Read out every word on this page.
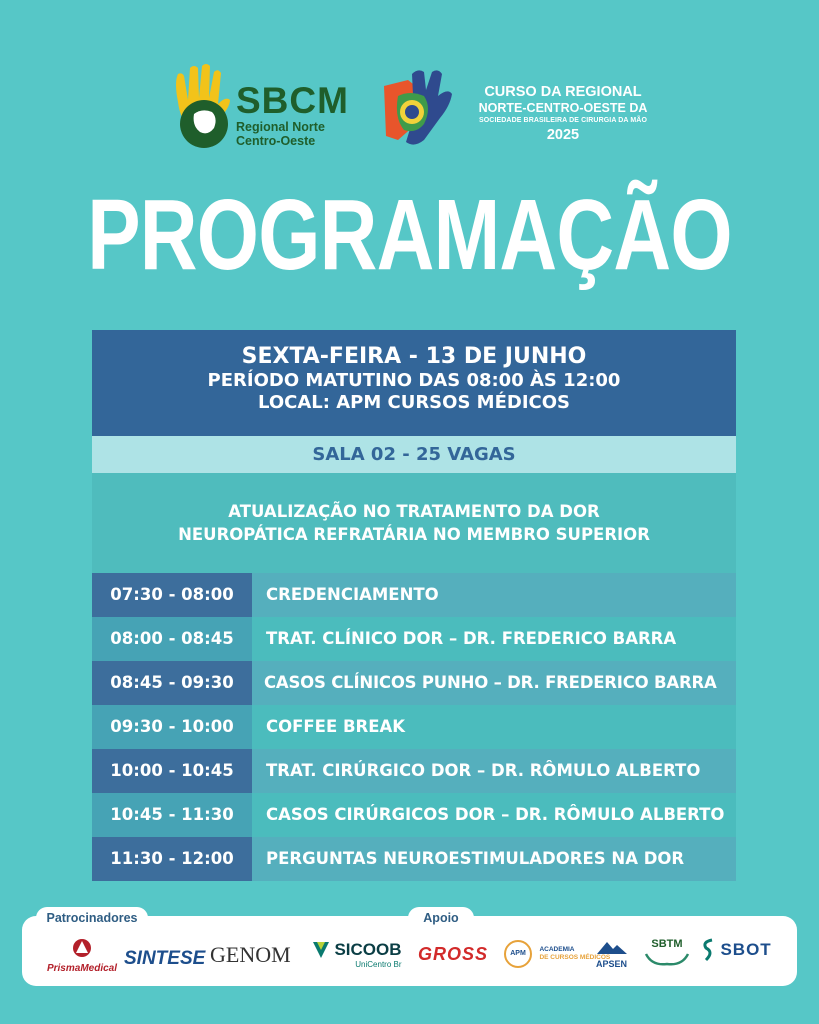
SBCM
Regional Norte
Centro-Oeste
CURSO DA REGIONAL
NORTE-CENTRO-OESTE DA
SOCIEDADE BRASILEIRA DE CIRURGIA DA MÃO
2025
PROGRAMAÇÃO
SEXTA-FEIRA - 13 DE JUNHO
PERÍODO MATUTINO DAS 08:00 ÀS 12:00
LOCAL: APM CURSOS MÉDICOS
SALA 02 - 25 VAGAS
ATUALIZAÇÃO NO TRATAMENTO DA DOR
NEUROPÁTICA REFRATÁRIA NO MEMBRO SUPERIOR
07:30 - 08:00	CREDENCIAMENTO
08:00 - 08:45	TRAT. CLÍNICO DOR – DR. FREDERICO BARRA
08:45 - 09:30	CASOS CLÍNICOS PUNHO – DR. FREDERICO BARRA
09:30 - 10:00	COFFEE BREAK
10:00 - 10:45	TRAT. CIRÚRGICO DOR – DR. RÔMULO ALBERTO
10:45 - 11:30	CASOS CIRÚRGICOS DOR – DR. RÔMULO ALBERTO
11:30 - 12:00	PERGUNTAS NEUROESTIMULADORES NA DOR
Patrocinadores	Apoio
PrismaMedical SINTESE GENOM	SICOOB
UniCentro Br
GROSS	APM
ACADEMIA
DE CURSOS MÉDICOS
APSEN
SBTM	SBOT
